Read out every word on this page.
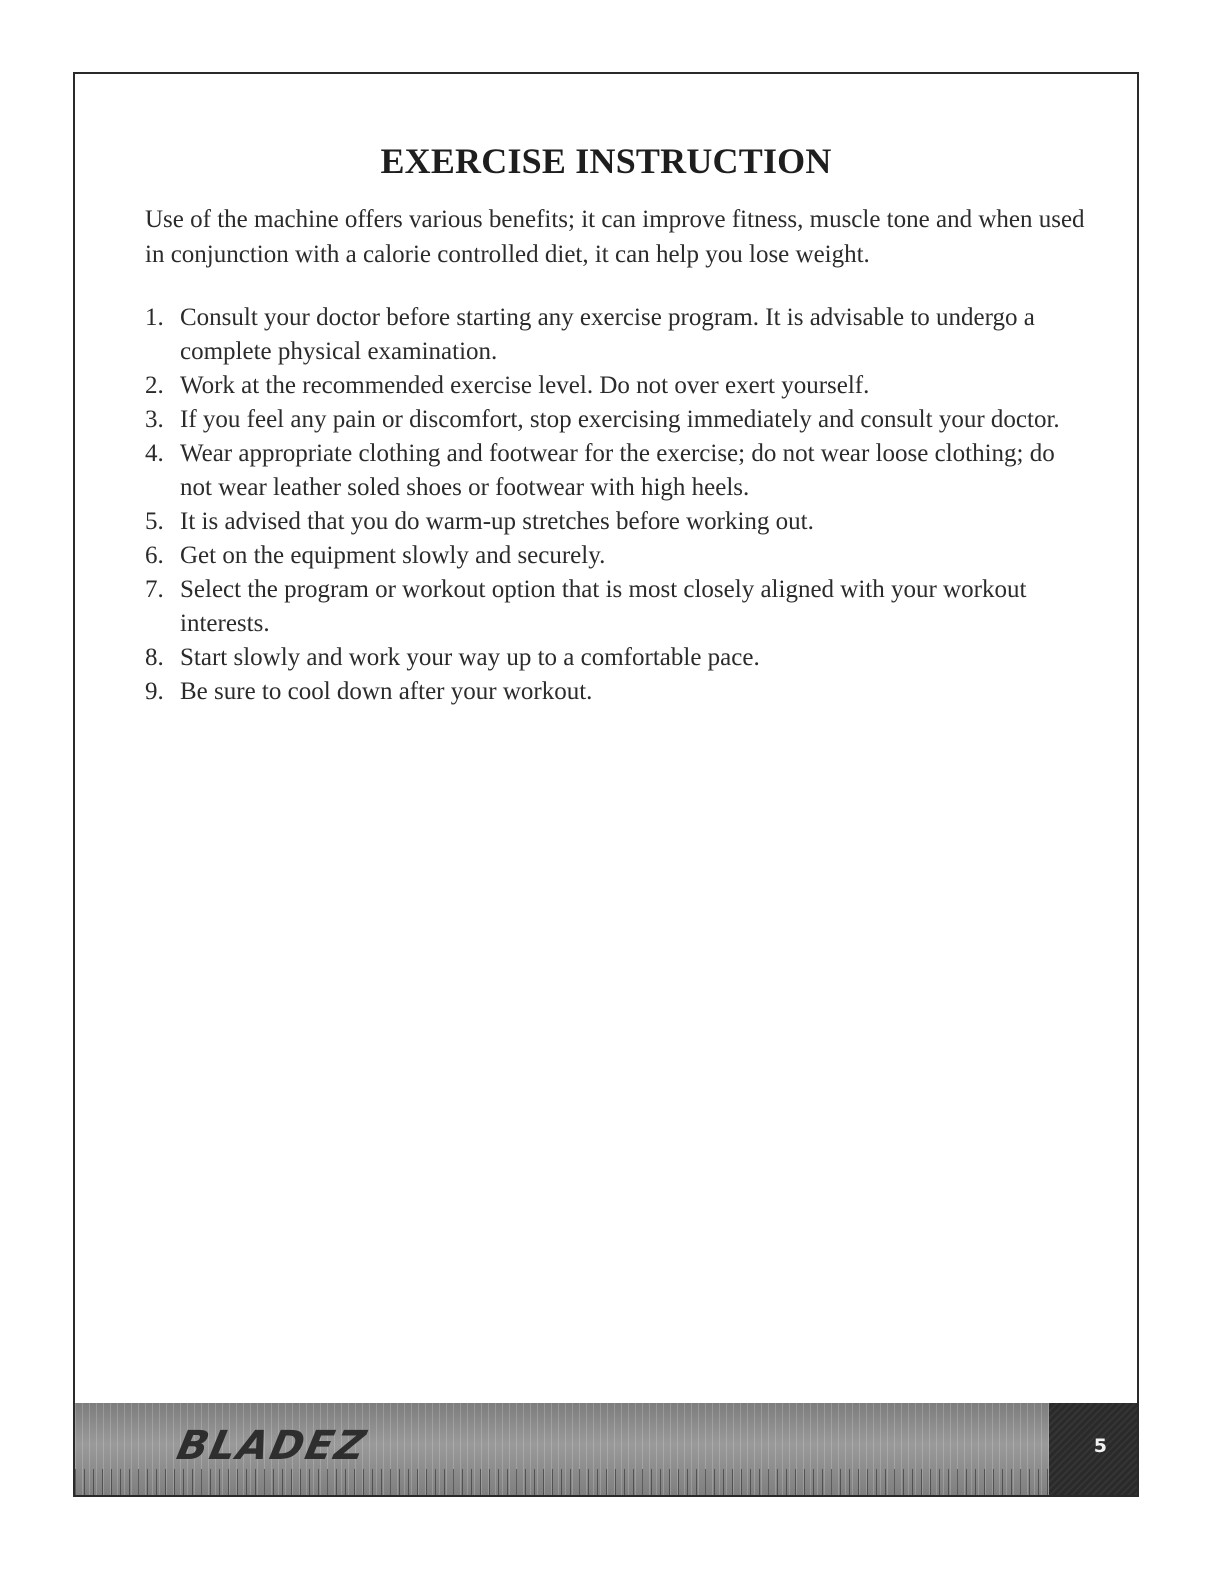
EXERCISE INSTRUCTION
Use of the machine offers various benefits; it can improve fitness, muscle tone and when used in conjunction with a calorie controlled diet, it can help you lose weight.
1. Consult your doctor before starting any exercise program. It is advisable to undergo a complete physical examination.
2. Work at the recommended exercise level. Do not over exert yourself.
3. If you feel any pain or discomfort, stop exercising immediately and consult your doctor.
4. Wear appropriate clothing and footwear for the exercise; do not wear loose clothing; do not wear leather soled shoes or footwear with high heels.
5. It is advised that you do warm-up stretches before working out.
6. Get on the equipment slowly and securely.
7. Select the program or workout option that is most closely aligned with your workout interests.
8. Start slowly and work your way up to a comfortable pace.
9. Be sure to cool down after your workout.
BLADEZ	5
